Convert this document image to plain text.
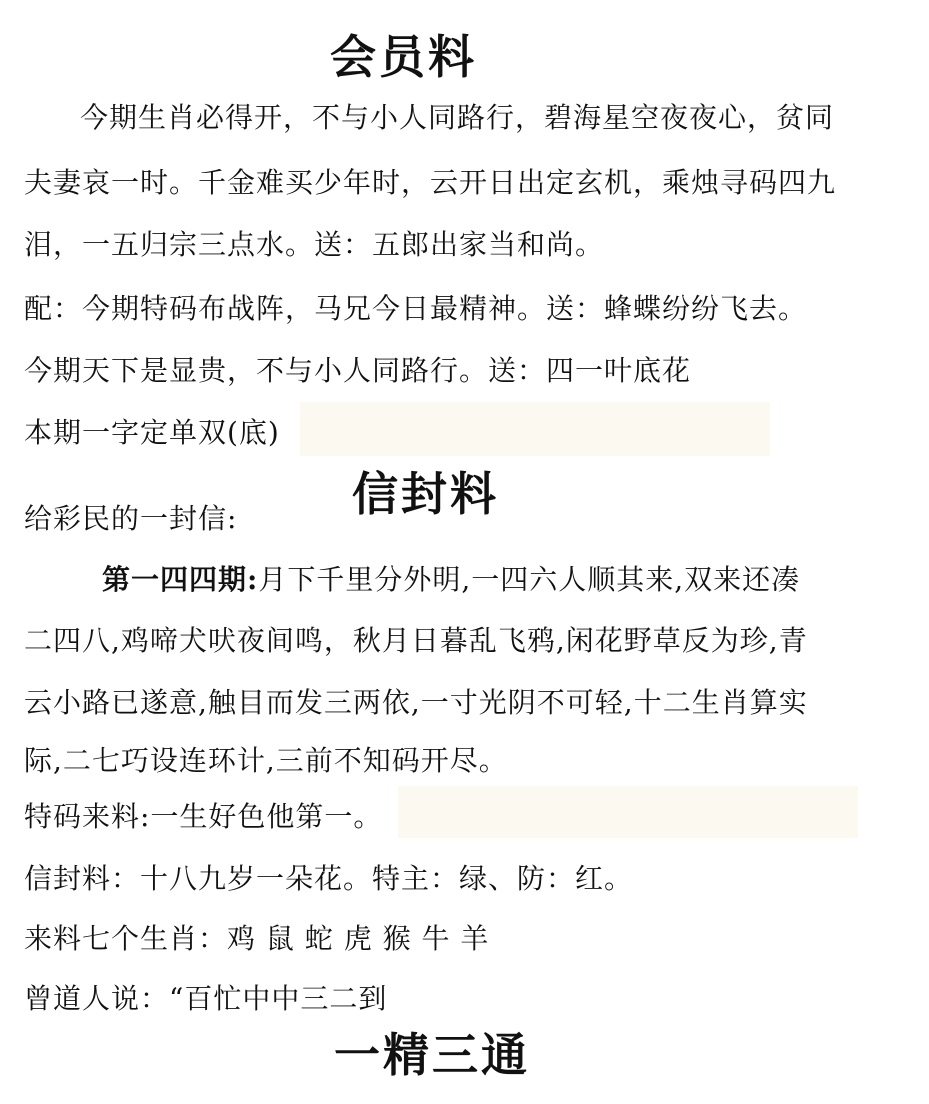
会员料
今期生肖必得开，不与小人同路行，碧海星空夜夜心，贫同
夫妻哀一时。千金难买少年时，云开日出定玄机，乘烛寻码四九
泪，一五归宗三点水。送：五郎出家当和尚。
配：今期特码布战阵，马兄今日最精神。送：蜂蝶纷纷飞去。
今期天下是显贵，不与小人同路行。送：四一叶底花
本期一字定单双(底)
信封料
给彩民的一封信:
第一四四期:月下千里分外明,一四六人顺其来,双来还凑
二四八,鸡啼犬吠夜间鸣，秋月日暮乱飞鸦,闲花野草反为珍,青
云小路已遂意,触目而发三两依,一寸光阴不可轻,十二生肖算实
际,二七巧设连环计,三前不知码开尽。
特码来料:一生好色他第一。
信封料：十八九岁一朵花。特主：绿、防：红。
来料七个生肖：鸡 鼠 蛇 虎 猴 牛 羊
曾道人说：“百忙中中三二到
一精三通
